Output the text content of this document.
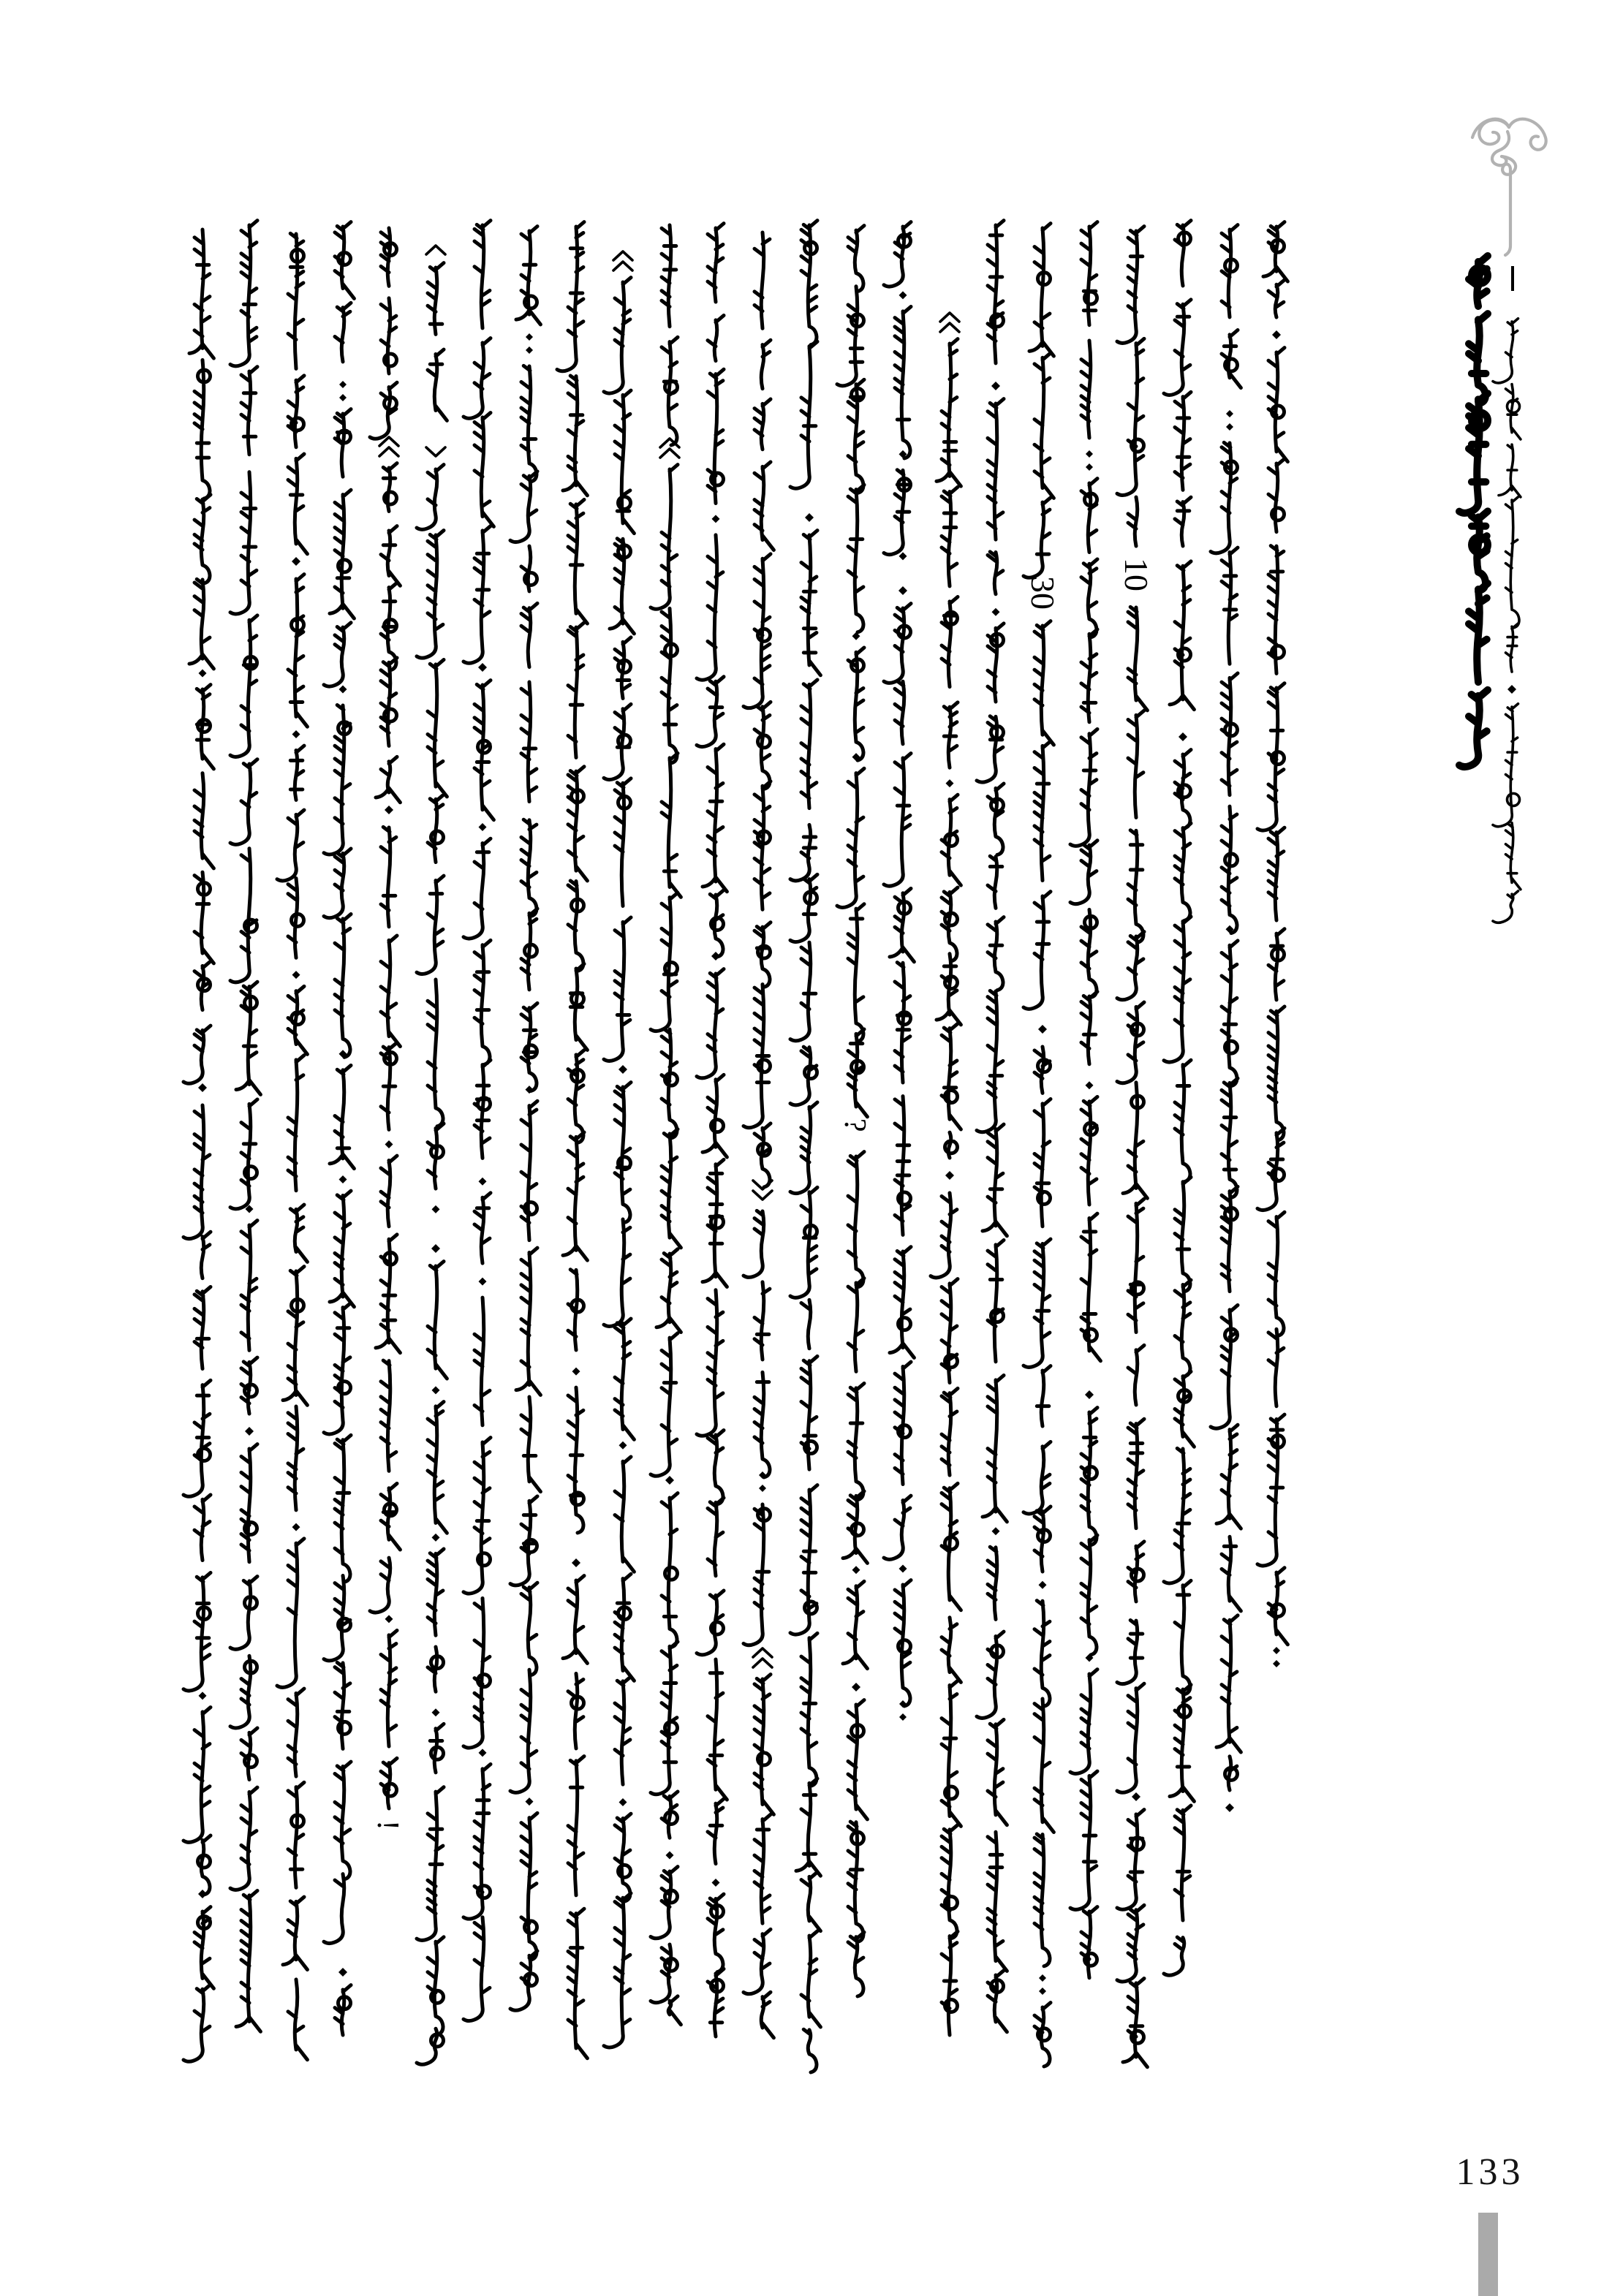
!
?
30
10
133
